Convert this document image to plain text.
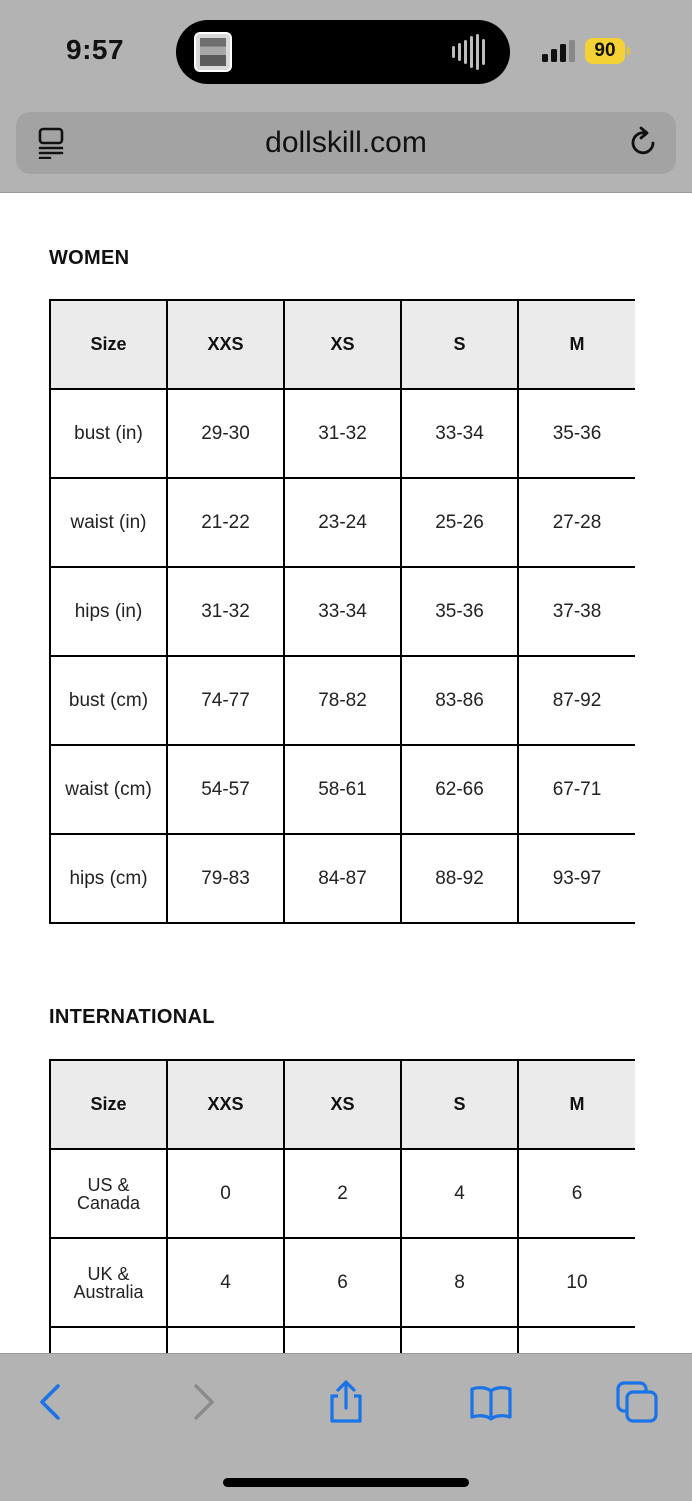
9:57	90
dollskill.com
WOMEN
Size	XXS	XS	S	M
bust (in)	29-30	31-32	33-34	35-36
waist (in)	21-22	23-24	25-26	27-28
hips (in)	31-32	33-34	35-36	37-38
bust (cm)	74-77	78-82	83-86	87-92
waist (cm)	54-57	58-61	62-66	67-71
hips (cm)	79-83	84-87	88-92	93-97
INTERNATIONAL
Size	XXS	XS	S	M

US &
Canada	0	2	4	6

UK &
Australia	4	6	8	10
